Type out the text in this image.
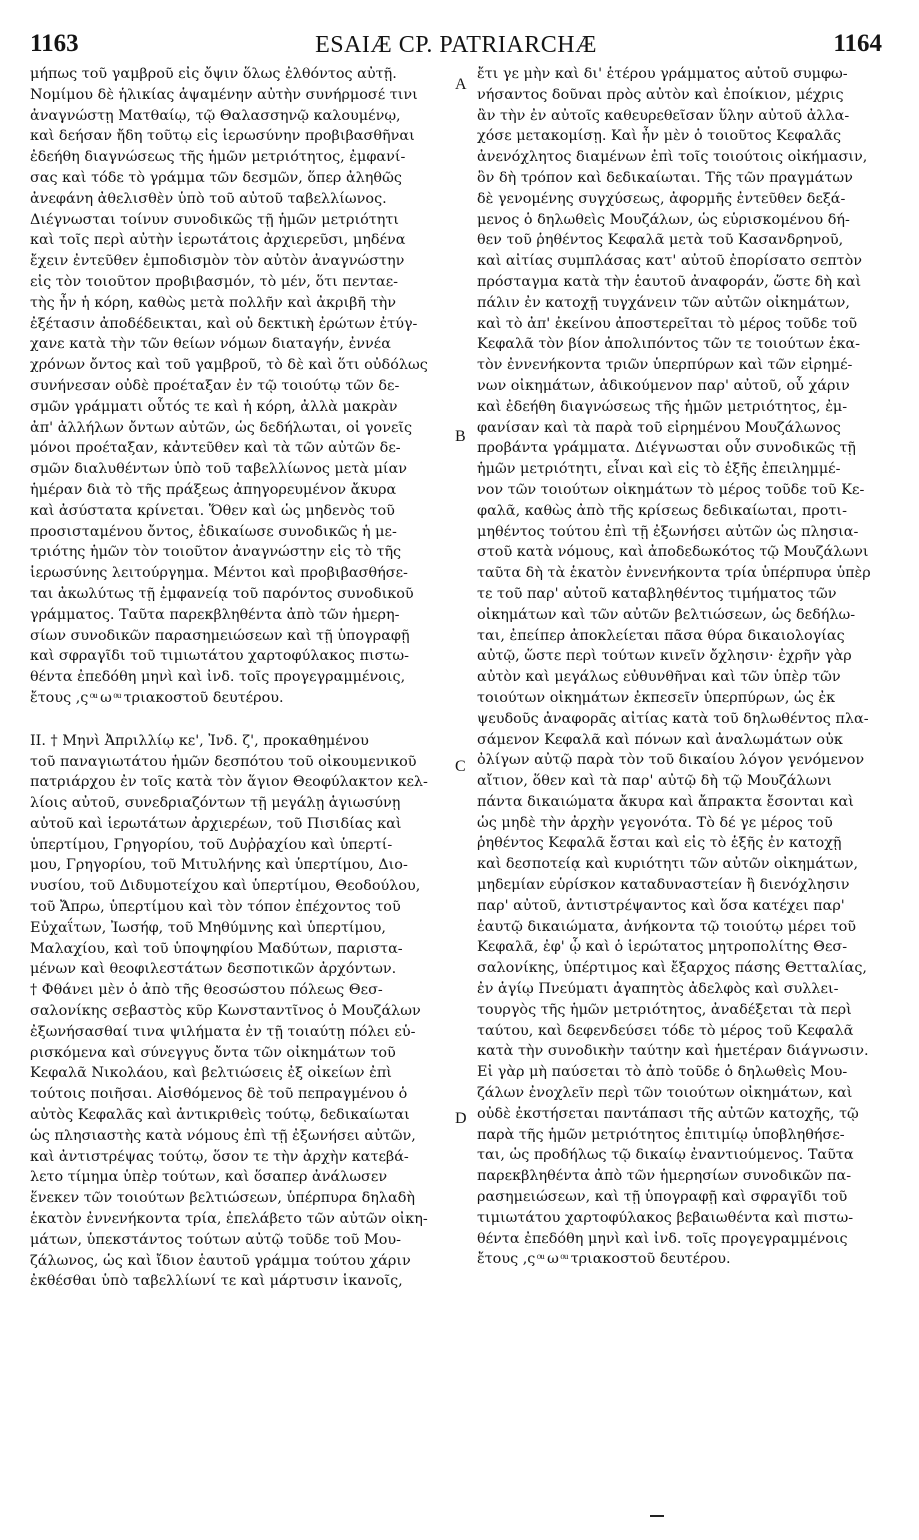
1163	ESAIÆ CP. PATRIARCHÆ	1164
μήπως τοῦ γαμβροῦ εἰς ὄψιν ὅλως ἐλθόντος αὐτῇ.
Νομίμου δὲ ἡλικίας ἁψαμένην αὐτὴν συνήρμοσέ τινι
ἀναγνώστῃ Ματθαίῳ, τῷ Θαλασσηνῷ καλουμένῳ,
καὶ δεήσαν ἤδη τοῦτῳ εἰς ἱερωσύνην προβιβασθῆναι
ἐδεήθη διαγνώσεως τῆς ἡμῶν μετριότητος, ἐμφανί-
σας καὶ τόδε τὸ γράμμα τῶν δεσμῶν, ὅπερ ἀληθῶς
ἀνεφάνη ἀθελισθὲν ὑπὸ τοῦ αὐτοῦ ταβελλίωνος.
Διέγνωσται τοίνυν συνοδικῶς τῇ ἡμῶν μετριότητι
καὶ τοῖς περὶ αὐτὴν ἱερωτάτοις ἀρχιερεῦσι, μηδένα
ἔχειν ἐντεῦθεν ἐμποδισμὸν τὸν αὐτὸν ἀναγνώστην
εἰς τὸν τοιοῦτον προβιβασμόν, τὸ μέν, ὅτι πενταε-
τὴς ἦν ἡ κόρη, καθὼς μετὰ πολλῆν καὶ ἀκριβῆ τὴν
ἐξέτασιν ἀποδέδεικται, καὶ οὐ δεκτικὴ ἐρώτων ἐτύγ-
χανε κατὰ τὴν τῶν θείων νόμων διαταγήν, ἐννέα
χρόνων ὄντος καὶ τοῦ γαμβροῦ, τὸ δὲ καὶ ὅτι οὐδόλως
συνήνεσαν οὐδὲ προέταξαν ἐν τῷ τοιούτῳ τῶν δε-
σμῶν γράμματι οὗτός τε καὶ ἡ κόρη, ἀλλὰ μακρὰν
ἀπ' ἀλλήλων ὄντων αὐτῶν, ὡς δεδήλωται, οἱ γονεῖς
μόνοι προέταξαν, κἀντεῦθεν καὶ τὰ τῶν αὐτῶν δε-
σμῶν διαλυθέντων ὑπὸ τοῦ ταβελλίωνος μετὰ μίαν
ἡμέραν διὰ τὸ τῆς πράξεως ἀπηγορευμένον ἄκυρα
καὶ ἀσύστατα κρίνεται. Ὅθεν καὶ ὡς μηδενὸς τοῦ
προσισταμένου ὄντος, ἐδικαίωσε συνοδικῶς ἡ με-
τριότης ἡμῶν τὸν τοιοῦτον ἀναγνώστην εἰς τὸ τῆς
ἱερωσύνης λειτούργημα. Μέντοι καὶ προβιβασθήσε-
ται ἀκωλύτως τῇ ἐμφανείᾳ τοῦ παρόντος συνοδικοῦ
γράμματος. Ταῦτα παρεκβληθέντα ἀπὸ τῶν ἡμερη-
σίων συνοδικῶν παρασημειώσεων καὶ τῇ ὑπογραφῇ
καὶ σφραγῖδι τοῦ τιμιωτάτου χαρτοφύλακος πιστω-
θέντα ἐπεδόθη μηνὶ καὶ ἰνδ. τοῖς προγεγραμμένοις,
ἔτους ,ς ͦ ͧ ω ͦ ͧ τριακοστοῦ δευτέρου.
II. † Μηνὶ Ἀπριλλίῳ κε', Ἰνδ. ζ', προκαθημένου
τοῦ παναγιωτάτου ἡμῶν δεσπότου τοῦ οἰκουμενικοῦ
πατριάρχου ἐν τοῖς κατὰ τὸν ἅγιον Θεοφύλακτον κελ-
λίοις αὐτοῦ, συνεδριαζόντων τῇ μεγάλῃ ἁγιωσύνῃ
αὐτοῦ καὶ ἱερωτάτων ἀρχιερέων, τοῦ Πισιδίας καὶ
ὑπερτίμου, Γρηγορίου, τοῦ Δυῤῥαχίου καὶ ὑπερτί-
μου, Γρηγορίου, τοῦ Μιτυλήνης καὶ ὑπερτίμου, Διο-
νυσίου, τοῦ Διδυμοτείχου καὶ ὑπερτίμου, Θεοδούλου,
τοῦ Ἄπρω, ὑπερτίμου καὶ τὸν τόπον ἐπέχοντος τοῦ
Εὐχαΐτων, Ἰωσήφ, τοῦ Μηθύμνης καὶ ὑπερτίμου,
Μαλαχίου, καὶ τοῦ ὑποψηφίου Μαδύτων, παριστα-
μένων καὶ θεοφιλεστάτων δεσποτικῶν ἀρχόντων.
† Φθάνει μὲν ὁ ἀπὸ τῆς θεοσώστου πόλεως Θεσ-
σαλονίκης σεβαστὸς κῦρ Κωνσταντῖνος ὁ Μουζάλων
ἐξωνήσασθαί τινα ψιλήματα ἐν τῇ τοιαύτῃ πόλει εὑ-
ρισκόμενα καὶ σύνεγγυς ὄντα τῶν οἰκημάτων τοῦ
Κεφαλᾶ Νικολάου, καὶ βελτιώσεις ἐξ οἰκείων ἐπὶ
τούτοις ποιῆσαι. Αἰσθόμενος δὲ τοῦ πεπραγμένου ὁ
αὐτὸς Κεφαλᾶς καὶ ἀντικριθεὶς τούτῳ, δεδικαίωται
ὡς πλησιαστὴς κατὰ νόμους ἐπὶ τῇ ἐξωνήσει αὐτῶν,
καὶ ἀντιστρέψας τούτῳ, ὅσον τε τὴν ἀρχὴν κατεβά-
λετο τίμημα ὑπὲρ τούτων, καὶ ὅσαπερ ἀνάλωσεν
ἕνεκεν τῶν τοιούτων βελτιώσεων, ὑπέρπυρα δηλαδὴ
ἑκατὸν ἐννενήκοντα τρία, ἐπελάβετο τῶν αὐτῶν οἰκη-
μάτων, ὑπεκστάντος τούτων αὐτῷ τοῦδε τοῦ Μου-
ζάλωνος, ὡς καὶ ἴδιον ἑαυτοῦ γράμμα τούτου χάριν
ἐκθέσθαι ὑπὸ ταβελλίωνί τε καὶ μάρτυσιν ἱκανοῖς,
ἔτι γε μὴν καὶ δι' ἑτέρου γράμματος αὐτοῦ συμφω-
νήσαντος δοῦναι πρὸς αὐτὸν καὶ ἐποίκιον, μέχρις
ἂν τὴν ἐν αὐτοῖς καθευρεθεῖσαν ὕλην αὐτοῦ ἀλλα-
χόσε μετακομίσῃ. Καὶ ἦν μὲν ὁ τοιοῦτος Κεφαλᾶς
ἀνενόχλητος διαμένων ἐπὶ τοῖς τοιούτοις οἰκήμασιν,
ὃν δὴ τρόπον καὶ δεδικαίωται. Τῆς τῶν πραγμάτων
δὲ γενομένης συγχύσεως, ἀφορμῆς ἐντεῦθεν δεξά-
μενος ὁ δηλωθεὶς Μουζάλων, ὡς εὑρισκομένου δή-
θεν τοῦ ῥηθέντος Κεφαλᾶ μετὰ τοῦ Κασανδρηνοῦ,
καὶ αἰτίας συμπλάσας κατ' αὐτοῦ ἐπορίσατο σεπτὸν
πρόσταγμα κατὰ τὴν ἑαυτοῦ ἀναφοράν, ὥστε δὴ καὶ
πάλιν ἐν κατοχῇ τυγχάνειν τῶν αὐτῶν οἰκημάτων,
καὶ τὸ ἀπ' ἐκείνου ἀποστερεῖται τὸ μέρος τοῦδε τοῦ
Κεφαλᾶ τὸν βίον ἀπολιπόντος τῶν τε τοιούτων ἑκα-
τὸν ἐννενήκοντα τριῶν ὑπερπύρων καὶ τῶν εἰρημέ-
νων οἰκημάτων, ἀδικούμενον παρ' αὐτοῦ, οὗ χάριν
καὶ ἐδεήθη διαγνώσεως τῆς ἡμῶν μετριότητος, ἐμ-
φανίσαν καὶ τὰ παρὰ τοῦ εἰρημένου Μουζάλωνος
προβάντα γράμματα. Διέγνωσται οὖν συνοδικῶς τῇ
ἡμῶν μετριότητι, εἶναι καὶ εἰς τὸ ἑξῆς ἐπειλημμέ-
νον τῶν τοιούτων οἰκημάτων τὸ μέρος τοῦδε τοῦ Κε-
φαλᾶ, καθὼς ἀπὸ τῆς κρίσεως δεδικαίωται, προτι-
μηθέντος τούτου ἐπὶ τῇ ἐξωνήσει αὐτῶν ὡς πλησια-
στοῦ κατὰ νόμους, καὶ ἀποδεδωκότος τῷ Μουζάλωνι
ταῦτα δὴ τὰ ἑκατὸν ἐννενήκοντα τρία ὑπέρπυρα ὑπὲρ
τε τοῦ παρ' αὐτοῦ καταβληθέντος τιμήματος τῶν
οἰκημάτων καὶ τῶν αὐτῶν βελτιώσεων, ὡς δεδήλω-
ται, ἐπείπερ ἀποκλείεται πᾶσα θύρα δικαιολογίας
αὐτῷ, ὥστε περὶ τούτων κινεῖν ὄχλησιν· ἐχρῆν γὰρ
αὐτὸν καὶ μεγάλως εὐθυνθῆναι καὶ τῶν ὑπὲρ τῶν
τοιούτων οἰκημάτων ἐκπεσεῖν ὑπερπύρων, ὡς ἐκ
ψευδοῦς ἀναφορᾶς αἰτίας κατὰ τοῦ δηλωθέντος πλα-
σάμενον Κεφαλᾶ καὶ πόνων καὶ ἀναλωμάτων οὐκ
ὀλίγων αὐτῷ παρὰ τὸν τοῦ δικαίου λόγον γενόμενον
αἴτιον, ὅθεν καὶ τὰ παρ' αὐτῷ δὴ τῷ Μουζάλωνι
πάντα δικαιώματα ἄκυρα καὶ ἄπρακτα ἔσονται καὶ
ὡς μηδὲ τὴν ἀρχὴν γεγονότα. Τὸ δέ γε μέρος τοῦ
ῥηθέντος Κεφαλᾶ ἔσται καὶ εἰς τὸ ἑξῆς ἐν κατοχῇ
καὶ δεσποτείᾳ καὶ κυριότητι τῶν αὐτῶν οἰκημάτων,
μηδεμίαν εὑρίσκον καταδυναστείαν ἢ διενόχλησιν
παρ' αὐτοῦ, ἀντιστρέψαντος καὶ ὅσα κατέχει παρ'
ἑαυτῷ δικαιώματα, ἀνήκοντα τῷ τοιούτῳ μέρει τοῦ
Κεφαλᾶ, ἐφ' ᾧ καὶ ὁ ἱερώτατος μητροπολίτης Θεσ-
σαλονίκης, ὑπέρτιμος καὶ ἔξαρχος πάσης Θετταλίας,
ἐν ἁγίῳ Πνεύματι ἀγαπητὸς ἀδελφὸς καὶ συλλει-
τουργὸς τῆς ἡμῶν μετριότητος, ἀναδέξεται τὰ περὶ
ταύτου, καὶ δεφενδεύσει τόδε τὸ μέρος τοῦ Κεφαλᾶ
κατὰ τὴν συνοδικὴν ταύτην καὶ ἡμετέραν διάγνωσιν.
Εἰ γὰρ μὴ παύσεται τὸ ἀπὸ τοῦδε ὁ δηλωθεὶς Μου-
ζάλων ἐνοχλεῖν περὶ τῶν τοιούτων οἰκημάτων, καὶ
οὐδὲ ἐκστήσεται παντάπασι τῆς αὐτῶν κατοχῆς, τῷ
παρὰ τῆς ἡμῶν μετριότητος ἐπιτιμίῳ ὑποβληθήσε-
ται, ὡς προδήλως τῷ δικαίῳ ἐναντιούμενος. Ταῦτα
παρεκβληθέντα ἀπὸ τῶν ἡμερησίων συνοδικῶν πα-
ρασημειώσεων, καὶ τῇ ὑπογραφῇ καὶ σφραγῖδι τοῦ
τιμιωτάτου χαρτοφύλακος βεβαιωθέντα καὶ πιστω-
θέντα ἐπεδόθη μηνὶ καὶ ἰνδ. τοῖς προγεγραμμένοις
ἔτους ,ς ͦ ͧ ω ͦ ͧ τριακοστοῦ δευτέρου.
A
B
C
D
